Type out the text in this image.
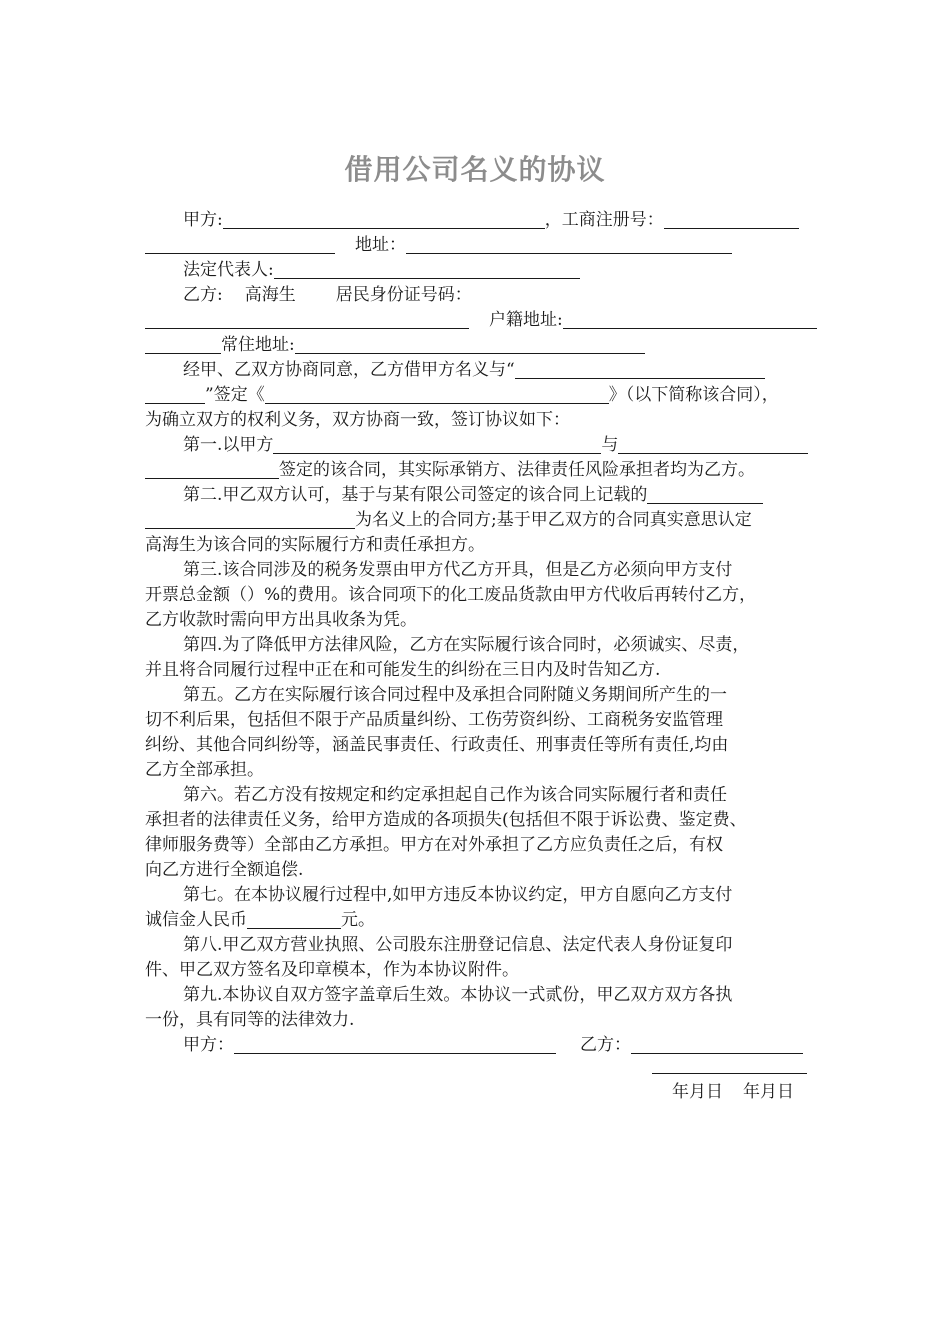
借用公司名义的协议
甲方:	，工商注册号：
地址：
法定代表人:
乙方: 高海生 居民身份证号码：
户籍地址:
常住地址:
经甲、乙双方协商同意，乙方借甲方名义与“
”签定《	》（以下简称该合同），
为确立双方的权利义务，双方协商一致，签订协议如下：
第一.以甲方	与
签定的该合同，其实际承销方、法律责任风险承担者均为乙方。
第二.甲乙双方认可，基于与某有限公司签定的该合同上记载的
为名义上的合同方;基于甲乙双方的合同真实意思认定
高海生为该合同的实际履行方和责任承担方。
第三.该合同涉及的税务发票由甲方代乙方开具，但是乙方必须向甲方支付
开票总金额（）%的费用。该合同项下的化工废品货款由甲方代收后再转付乙方，
乙方收款时需向甲方出具收条为凭。
第四.为了降低甲方法律风险，乙方在实际履行该合同时，必须诚实、尽责，
并且将合同履行过程中正在和可能发生的纠纷在三日内及时告知乙方.
第五。乙方在实际履行该合同过程中及承担合同附随义务期间所产生的一
切不利后果，包括但不限于产品质量纠纷、工伤劳资纠纷、工商税务安监管理
纠纷、其他合同纠纷等，涵盖民事责任、行政责任、刑事责任等所有责任,均由
乙方全部承担。
第六。若乙方没有按规定和约定承担起自己作为该合同实际履行者和责任
承担者的法律责任义务，给甲方造成的各项损失(包括但不限于诉讼费、鉴定费、
律师服务费等）全部由乙方承担。甲方在对外承担了乙方应负责任之后，有权
向乙方进行全额追偿.
第七。在本协议履行过程中,如甲方违反本协议约定，甲方自愿向乙方支付
诚信金人民币	元。
第八.甲乙双方营业执照、公司股东注册登记信息、法定代表人身份证复印
件、甲乙双方签名及印章模本，作为本协议附件。
第九.本协议自双方签字盖章后生效。本协议一式贰份，甲乙双方双方各执
一份，具有同等的法律效力.
甲方：	乙方：
年月日 年月日
